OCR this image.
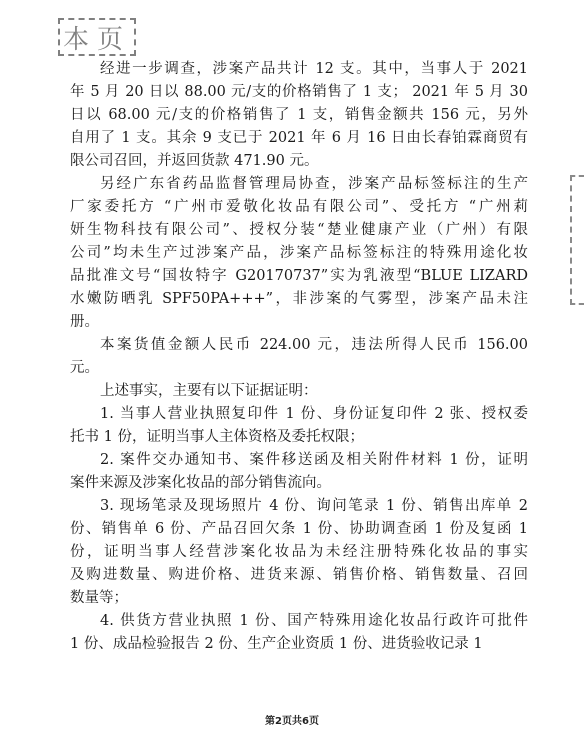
本页
经进一步调查，涉案产品共计 12 支。其中，当事人于 2021
年 5 月 20 日以 88.00 元/支的价格销售了 1 支； 2021 年 5 月 30
日以 68.00 元/支的价格销售了 1 支，销售金额共 156 元，另外
自用了 1 支。其余 9 支已于 2021 年 6 月 16 日由长春铂霖商贸有
限公司召回，并返回货款 471.90 元。
另经广东省药品监督管理局协查，涉案产品标签标注的生产
厂家委托方 “广州市爱敬化妆品有限公司”、受托方 “广州莉
妍生物科技有限公司”、授权分装“楚业健康产业（广州）有限
公司”均未生产过涉案产品，涉案产品标签标注的特殊用途化妆
品批准文号“国妆特字 G20170737”实为乳液型“BLUE LIZARD
水嫩防晒乳 SPF50PA+++”，非涉案的气雾型，涉案产品未注
册。
本案货值金额人民币 224.00 元，违法所得人民币 156.00
元。
上述事实，主要有以下证据证明：
1. 当事人营业执照复印件 1 份、身份证复印件 2 张、授权委
托书 1 份，证明当事人主体资格及委托权限；
2. 案件交办通知书、案件移送函及相关附件材料 1 份，证明
案件来源及涉案化妆品的部分销售流向。
3. 现场笔录及现场照片 4 份、询问笔录 1 份、销售出库单 2
份、销售单 6 份、产品召回欠条 1 份、协助调查函 1 份及复函 1
份，证明当事人经营涉案化妆品为未经注册特殊化妆品的事实
及购进数量、购进价格、进货来源、销售价格、销售数量、召回
数量等；
4. 供货方营业执照 1 份、国产特殊用途化妆品行政许可批件
1 份、成品检验报告 2 份、生产企业资质 1 份、进货验收记录 1
第2页共6页
